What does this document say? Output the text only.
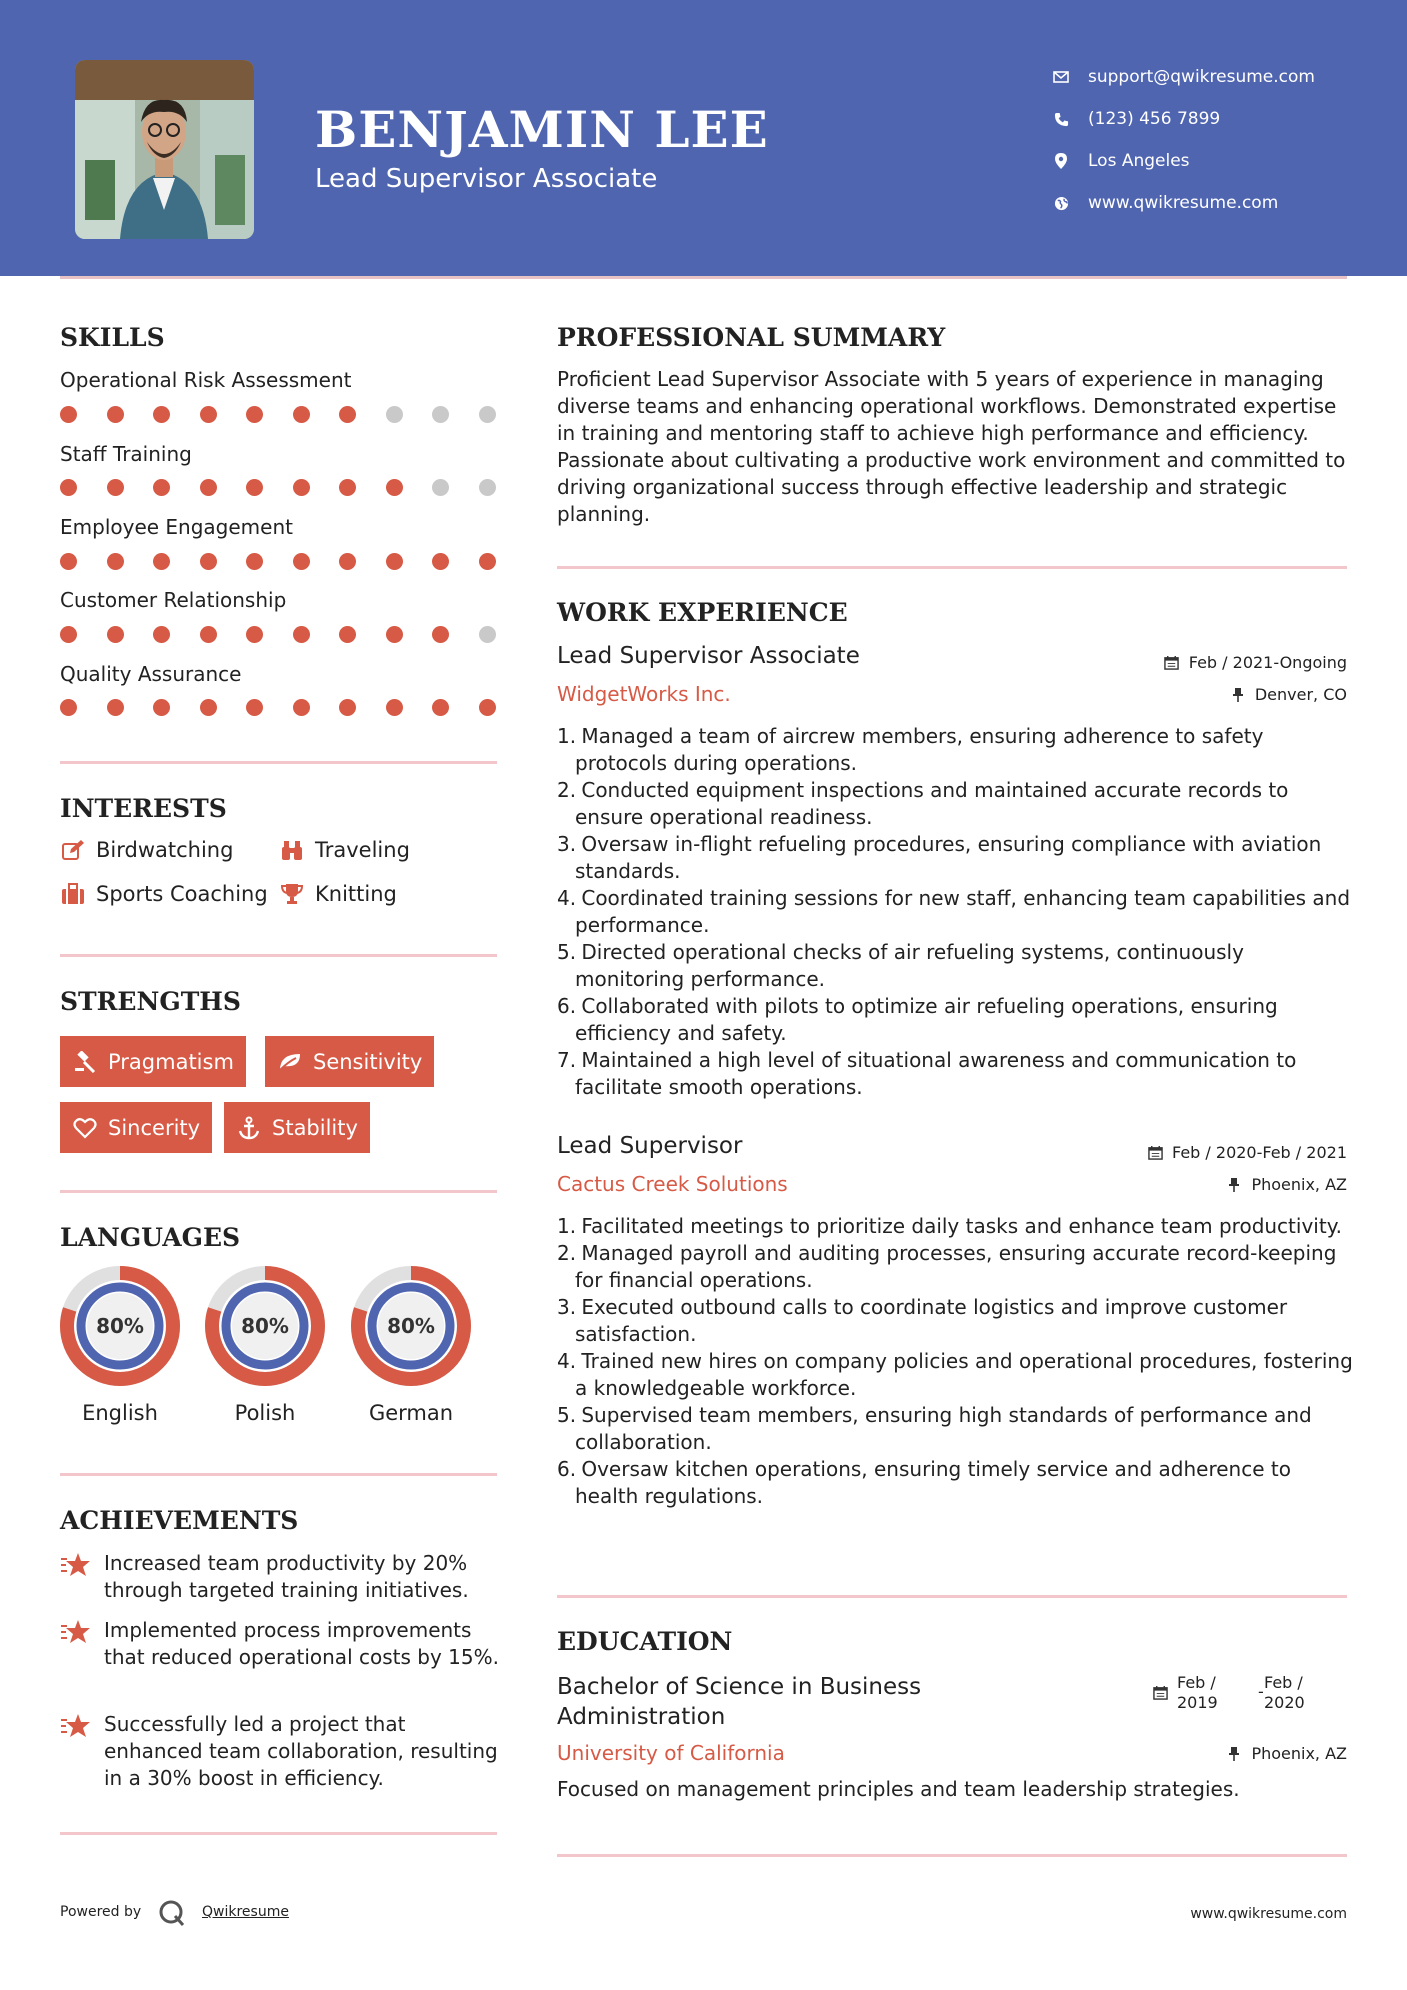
BENJAMIN LEE
Lead Supervisor Associate
support@qwikresume.com
(123) 456 7899
Los Angeles
www.qwikresume.com
SKILLS
Operational Risk Assessment
Staff Training
Employee Engagement
Customer Relationship
Quality Assurance
INTERESTS
Birdwatching	Traveling
Sports Coaching Knitting
STRENGTHS
Pragmatism	Sensitivity
Sincerity	Stability
LANGUAGES
80%
English
80%
Polish
80%
German
ACHIEVEMENTS
Increased team productivity by 20% through targeted training initiatives.
Implemented process improvements that reduced operational costs by 15%.
Successfully led a project that enhanced team collaboration, resulting in a 30% boost in efficiency.
PROFESSIONAL SUMMARY
Proficient Lead Supervisor Associate with 5 years of experience in managing diverse teams and enhancing operational workflows. Demonstrated expertise in training and mentoring staff to achieve high performance and efficiency. Passionate about cultivating a productive work environment and committed to driving organizational success through effective leadership and strategic planning.
WORK EXPERIENCE
Lead Supervisor Associate	Feb / 2021-Ongoing
WidgetWorks Inc.	Denver, CO
1.
Managed a team of aircrew members, ensuring adherence to safety protocols during operations.
2.
Conducted equipment inspections and maintained accurate records to ensure operational readiness.
3.
Oversaw in-flight refueling procedures, ensuring compliance with aviation standards.
4.
Coordinated training sessions for new staff, enhancing team capabilities and performance.
5.
Directed operational checks of air refueling systems, continuously monitoring performance.
6.
Collaborated with pilots to optimize air refueling operations, ensuring efficiency and safety.
7.
Maintained a high level of situational awareness and communication to facilitate smooth operations.
Lead Supervisor	Feb / 2020-Feb / 2021
Cactus Creek Solutions	Phoenix, AZ
1.
Facilitated meetings to prioritize daily tasks and enhance team productivity.
2.
Managed payroll and auditing processes, ensuring accurate record-keeping for financial operations.
3.
Executed outbound calls to coordinate logistics and improve customer satisfaction.
4.
Trained new hires on company policies and operational procedures, fostering a knowledgeable workforce.
5.
Supervised team members, ensuring high standards of performance and collaboration.
6.
Oversaw kitchen operations, ensuring timely service and adherence to health regulations.
EDUCATION
Bachelor of Science in Business Administration
Feb / 2019
- Feb / 2020
University of California	Phoenix, AZ
Focused on management principles and team leadership strategies.
Powered by	Qwikresume	www.qwikresume.com
